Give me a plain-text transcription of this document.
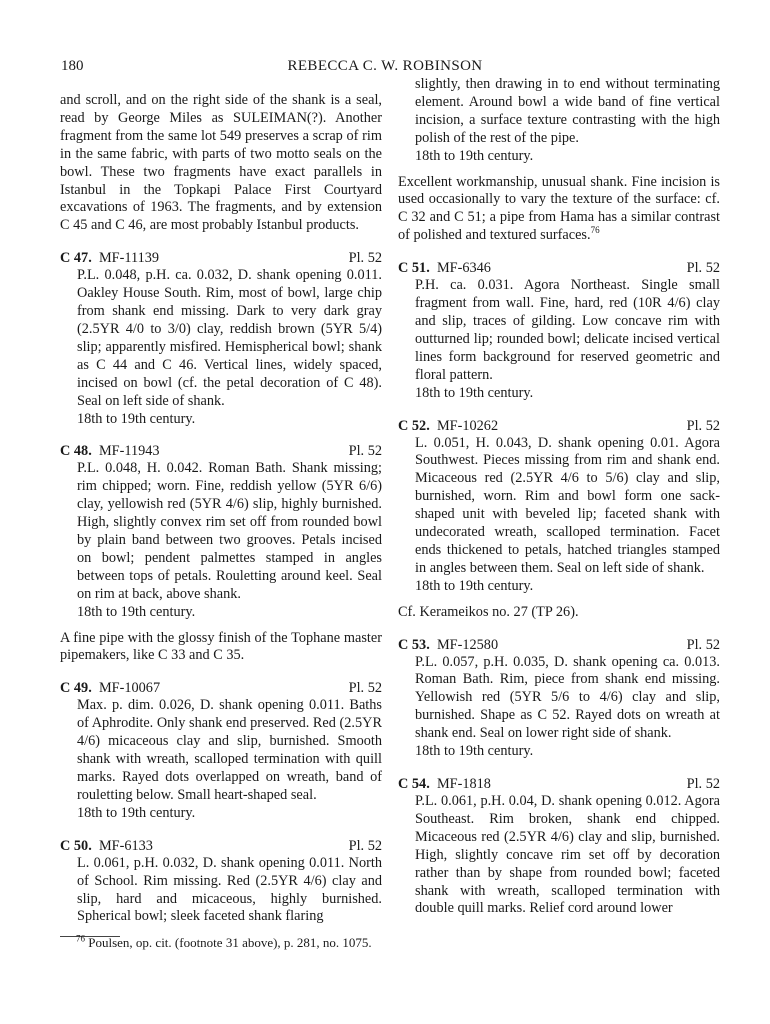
180	REBECCA C. W. ROBINSON

and scroll, and on the right side of the shank is a seal, read by George Miles as SULEIMAN(?). Another fragment from the same lot 549 preserves a scrap of rim in the same fabric, with parts of two motto seals on the bowl. These two fragments have exact parallels in Istanbul in the Topkapi Palace First Courtyard excavations of 1963. The fragments, and by extension C 45 and C 46, are most probably Istanbul products.

C 47. MF-11139	Pl. 52

P.L. 0.048, p.H. ca. 0.032, D. shank opening 0.011. Oakley House South. Rim, most of bowl, large chip from shank end missing. Dark to very dark gray (2.5YR 4/0 to 3/0) clay, reddish brown (5YR 5/4) slip; apparently misfired. Hemispherical bowl; shank as C 44 and C 46. Vertical lines, widely spaced, incised on bowl (cf. the petal decoration of C 48). Seal on left side of shank.

18th to 19th century.
C 48. MF-11943	Pl. 52

P.L. 0.048, H. 0.042. Roman Bath. Shank missing; rim chipped; worn. Fine, reddish yellow (5YR 6/6) clay, yellowish red (5YR 4/6) slip, highly burnished. High, slightly convex rim set off from rounded bowl by plain band between two grooves. Petals incised on bowl; pendent palmettes stamped in angles between tops of petals. Rouletting around keel. Seal on rim at back, above shank.

18th to 19th century.

A fine pipe with the glossy finish of the Tophane master pipemakers, like C 33 and C 35.

C 49. MF-10067	Pl. 52

Max. p. dim. 0.026, D. shank opening 0.011. Baths of Aphrodite. Only shank end preserved. Red (2.5YR 4/6) micaceous clay and slip, burnished. Smooth shank with wreath, scalloped termination with quill marks. Rayed dots overlapped on wreath, band of rouletting below. Small heart-shaped seal.

18th to 19th century.
C 50. MF-6133	Pl. 52

L. 0.061, p.H. 0.032, D. shank opening 0.011. North of School. Rim missing. Red (2.5YR 4/6) clay and slip, hard and micaceous, highly burnished. Spherical bowl; sleek faceted shank flaring

slightly, then drawing in to end without terminating element. Around bowl a wide band of fine vertical incision, a surface texture contrasting with the high polish of the rest of the pipe.

18th to 19th century.

Excellent workmanship, unusual shank. Fine incision is used occasionally to vary the texture of the surface: cf. C 32 and C 51; a pipe from Hama has a similar contrast of polished and textured surfaces.$^{76}$

C 51. MF-6346	Pl. 52

P.H. ca. 0.031. Agora Northeast. Single small fragment from wall. Fine, hard, red (10R 4/6) clay and slip, traces of gilding. Low concave rim with outturned lip; rounded bowl; delicate incised vertical lines form background for reserved geometric and floral pattern.

18th to 19th century.
C 52. MF-10262	Pl. 52

L. 0.051, H. 0.043, D. shank opening 0.01. Agora Southwest. Pieces missing from rim and shank end. Micaceous red (2.5YR 4/6 to 5/6) clay and slip, burnished, worn. Rim and bowl form one sack-shaped unit with beveled lip; faceted shank with undecorated wreath, scalloped termination. Facet ends thickened to petals, hatched triangles stamped in angles between them. Seal on left side of shank.

18th to 19th century.

Cf. Kerameikos no. 27 (TP 26).

C 53. MF-12580	Pl. 52

P.L. 0.057, p.H. 0.035, D. shank opening ca. 0.013. Roman Bath. Rim, piece from shank end missing. Yellowish red (5YR 5/6 to 4/6) clay and slip, burnished. Shape as C 52. Rayed dots on wreath at shank end. Seal on lower right side of shank.

18th to 19th century.
C 54. MF-1818	Pl. 52

P.L. 0.061, p.H. 0.04, D. shank opening 0.012. Agora Southeast. Rim broken, shank end chipped. Micaceous red (2.5YR 4/6) clay and slip, burnished. High, slightly concave rim set off by decoration rather than by shape from rounded bowl; faceted shank with wreath, scalloped termination with double quill marks. Relief cord around lower

$^{76}$ Poulsen, op. cit. (footnote 31 above), p. 281, no. 1075.
